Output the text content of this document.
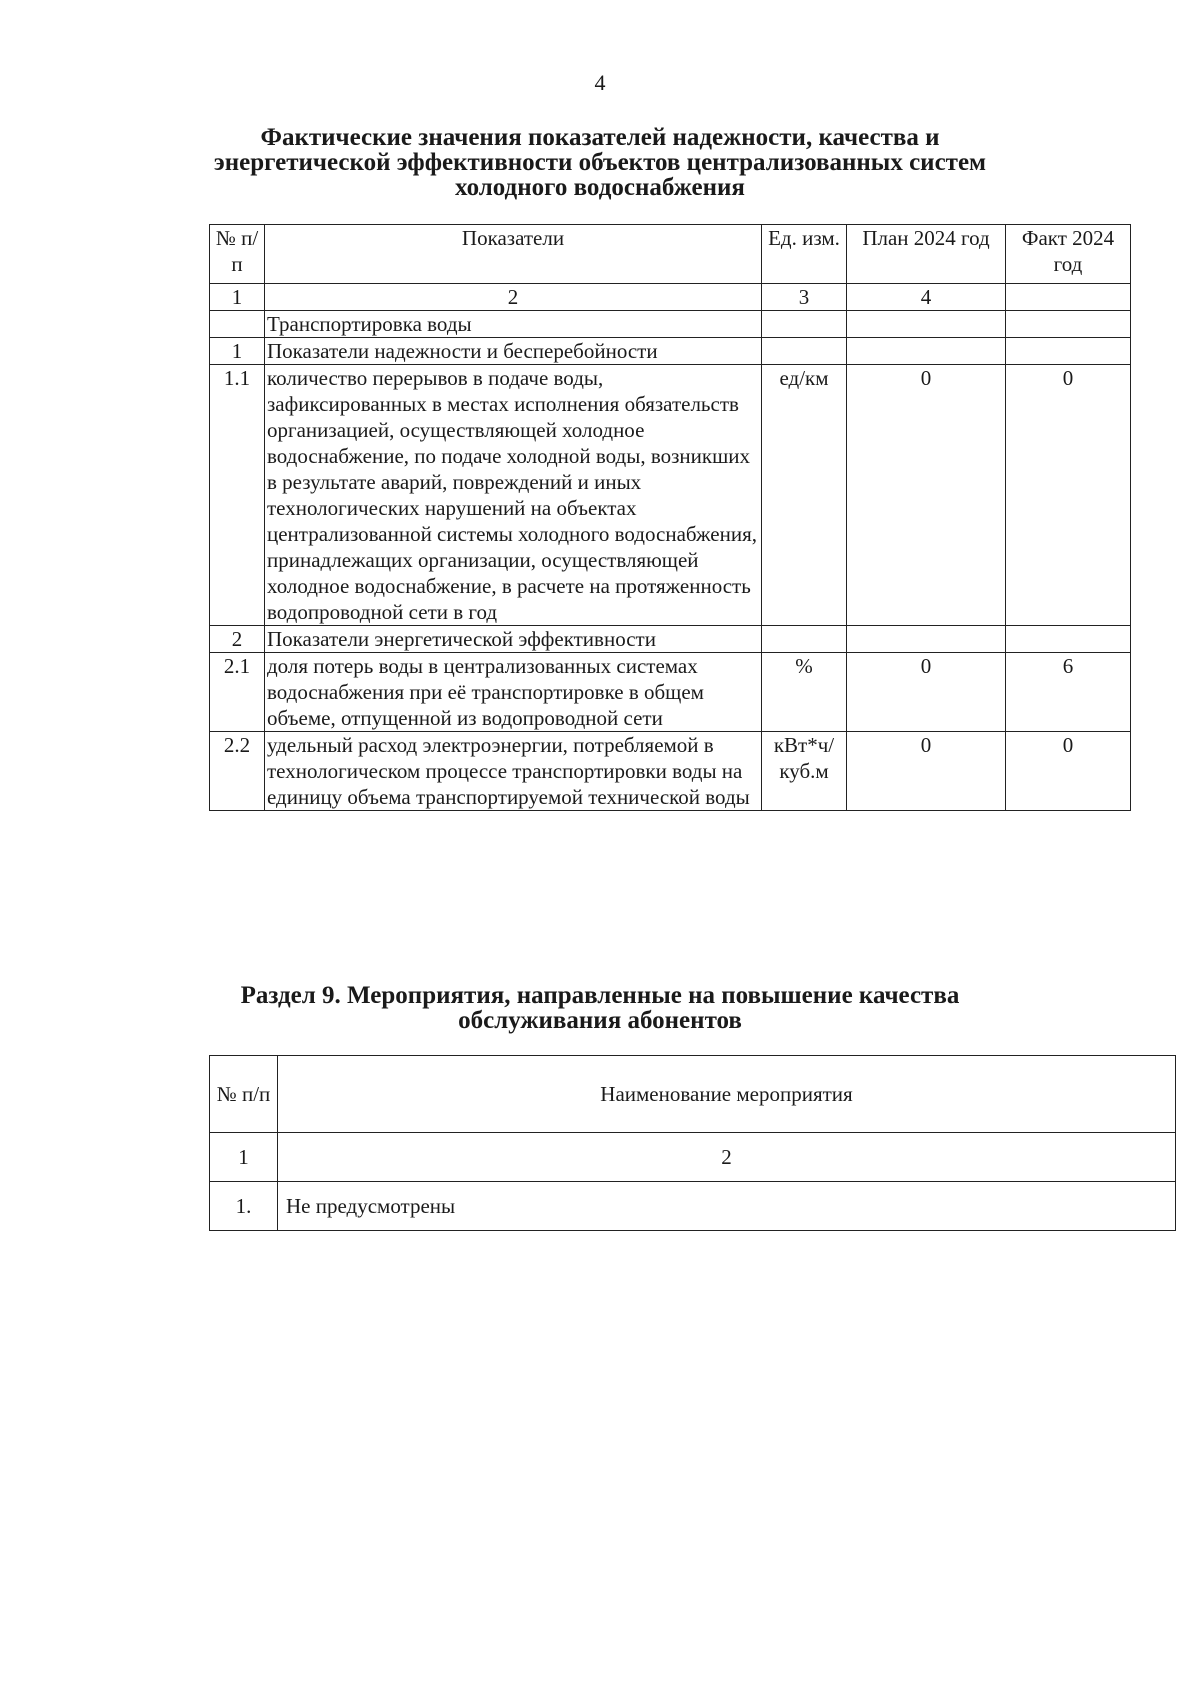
4
Фактические значения показателей надежности, качества и
энергетической эффективности объектов централизованных систем
холодного водоснабжения
№ п/п	Показатели	Ед. изм.	План 2024 год	Факт 2024 год
1	2	3	4	
	Транспортировка воды			
1	Показатели надежности и бесперебойности			
1.1	количество перерывов в подаче воды, зафиксированных в местах исполнения обязательств организацией, осуществляющей холодное водоснабжение, по подаче холодной воды, возникших в результате аварий, повреждений и иных технологических нарушений на объектах централизованной системы холодного водоснабжения, принадлежащих организации, осуществляющей холодное водоснабжение, в расчете на протяженность водопроводной сети в год	ед/км	0	0
2	Показатели энергетической эффективности			
2.1	доля потерь воды в централизованных системах водоснабжения при её транспортировке в общем объеме, отпущенной из водопроводной сети	%	0	6
2.2	удельный расход электроэнергии, потребляемой в технологическом процессе транспортировки воды на единицу объема транспортируемой технической воды	кВт*ч/ куб.м	0	0
Раздел 9. Мероприятия, направленные на повышение качества
обслуживания абонентов
№ п/п	Наименование мероприятия
1	2
1.	Не предусмотрены
